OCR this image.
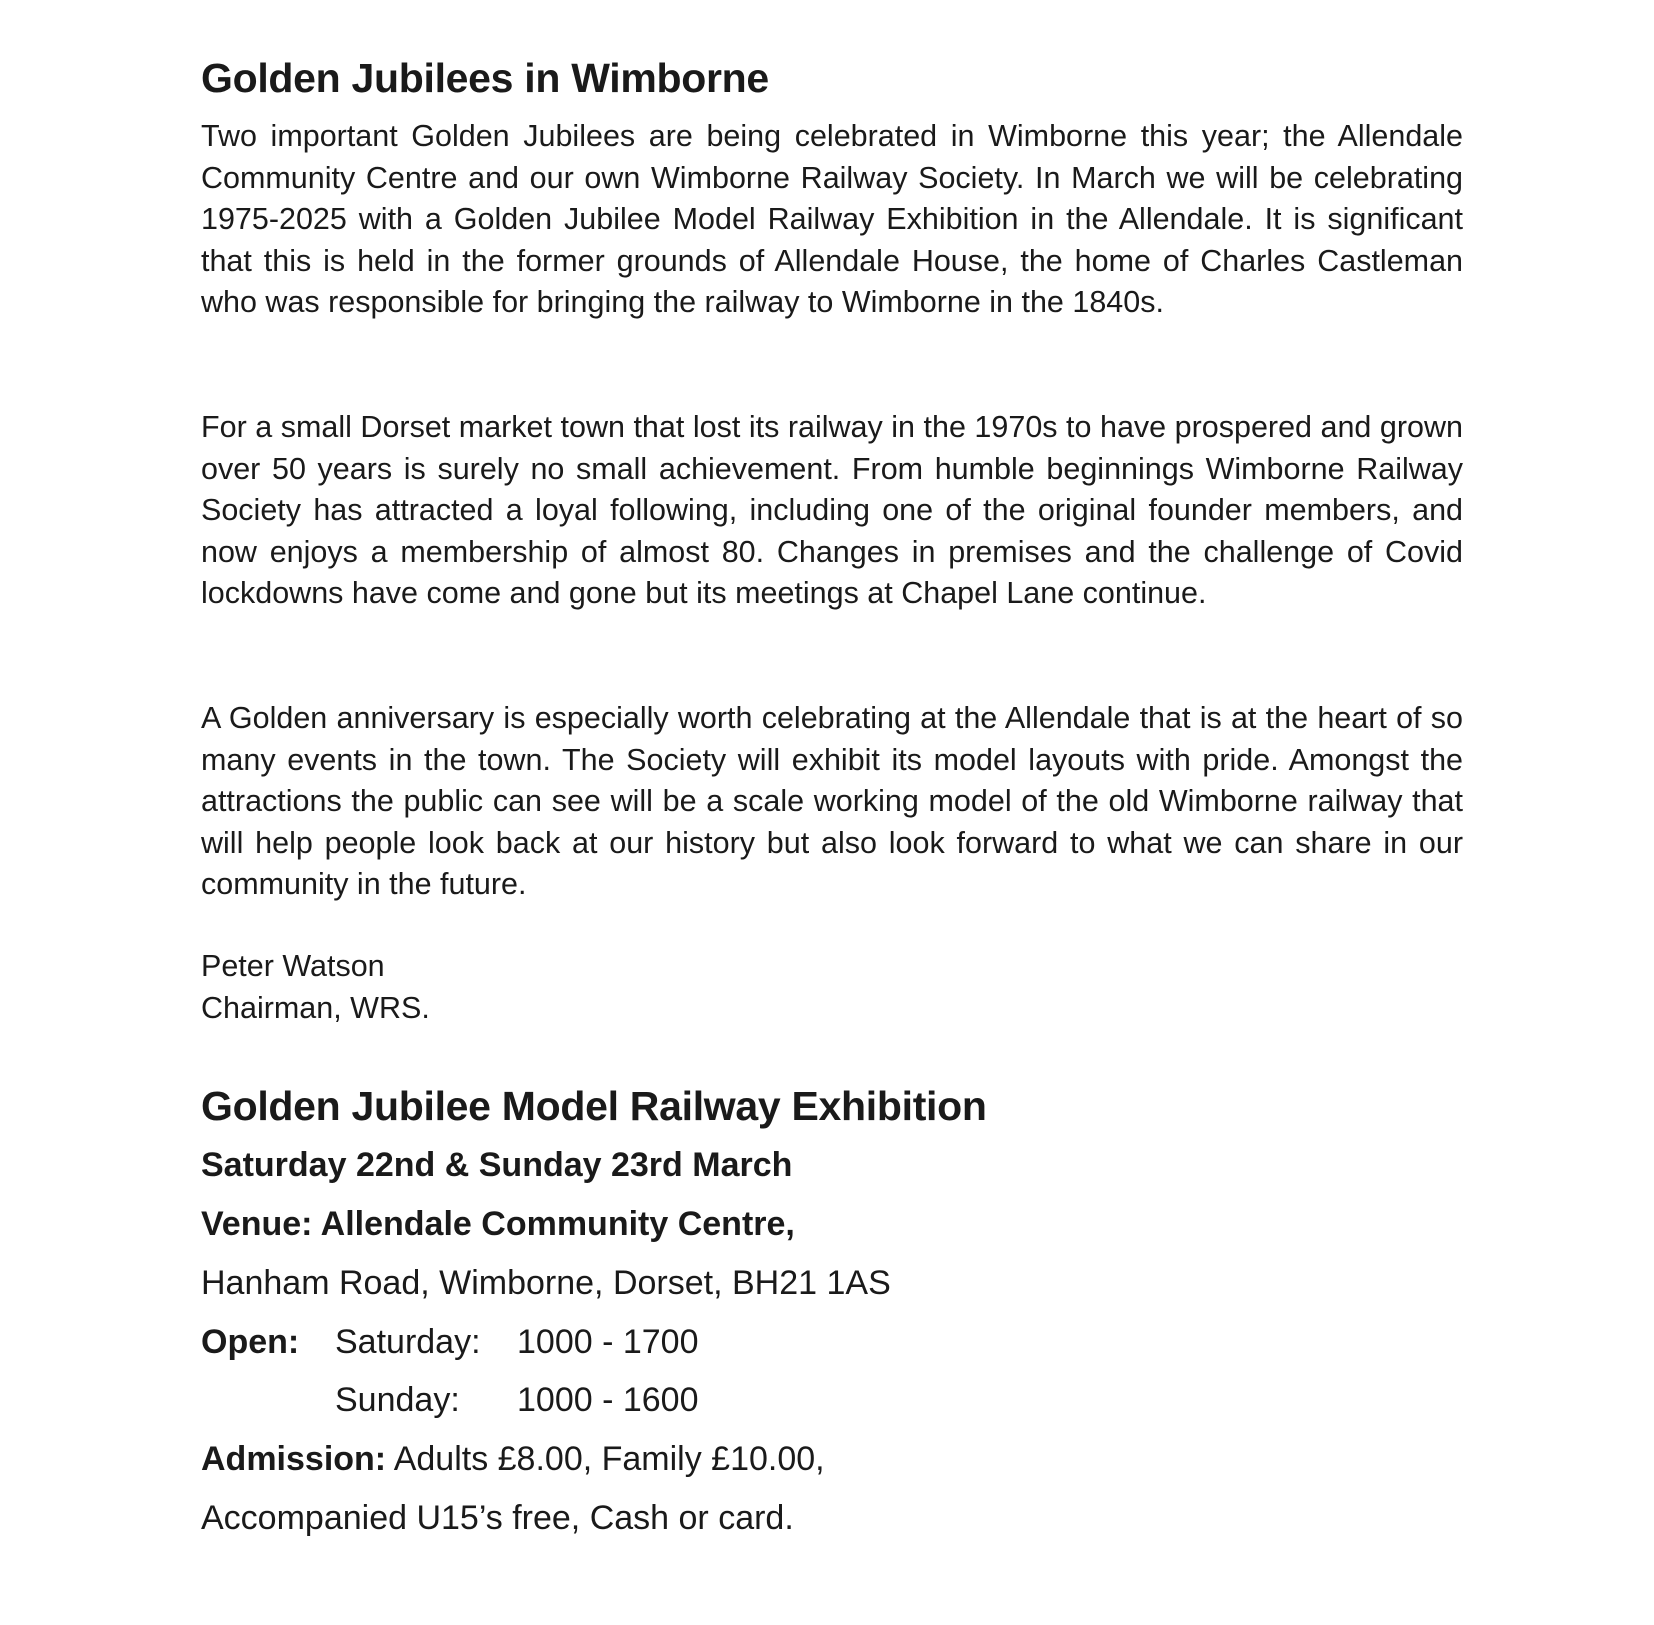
Golden Jubilees in Wimborne

Two important Golden Jubilees are being celebrated in Wimborne this year; the Allendale Community Centre and our own Wimborne Railway Society. In March we will be celebrating 1975-2025 with a Golden Jubilee Model Railway Exhibition in the Allendale. It is significant that this is held in the former grounds of Allendale House, the home of Charles Castleman who was responsible for bringing the railway to Wimborne in the 1840s.

For a small Dorset market town that lost its railway in the 1970s to have prospered and grown over 50 years is surely no small achievement. From humble beginnings Wimborne Railway Society has attracted a loyal following, including one of the original founder members, and now enjoys a membership of almost 80. Changes in premises and the challenge of Covid lockdowns have come and gone but its meetings at Chapel Lane continue.

A Golden anniversary is especially worth celebrating at the Allendale that is at the heart of so many events in the town. The Society will exhibit its model layouts with pride. Amongst the attractions the public can see will be a scale working model of the old Wimborne railway that will help people look back at our history but also look forward to what we can share in our community in the future.

Peter Watson

Chairman, WRS.

Golden Jubilee Model Railway Exhibition

Saturday 22nd & Sunday 23rd March

Venue: Allendale Community Centre,

Hanham Road, Wimborne, Dorset, BH21 1AS

Open: Saturday: 1000 - 1700
Sunday: 1000 - 1600
Admission: Adults £8.00, Family £10.00,

Accompanied U15’s free, Cash or card.
